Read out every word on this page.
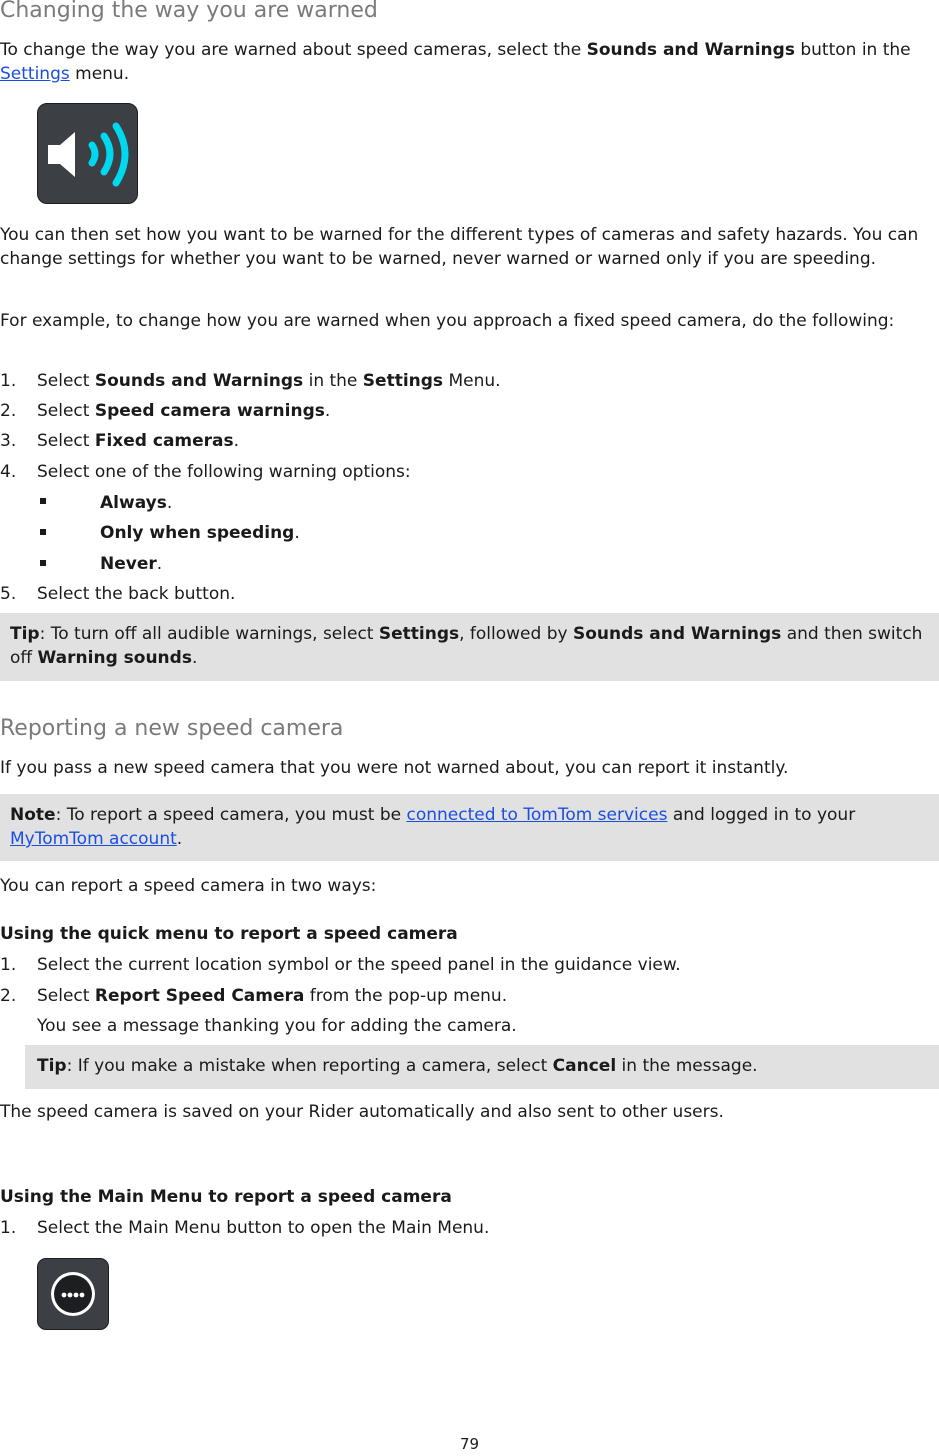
Changing the way you are warned

To change the way you are warned about speed cameras, select the Sounds and Warnings button in the Settings menu.

You can then set how you want to be warned for the different types of cameras and safety hazards. You can change settings for whether you want to be warned, never warned or warned only if you are speeding.

For example, to change how you are warned when you approach a fixed speed camera, do the following:

1. Select Sounds and Warnings in the Settings Menu.
2. Select Speed camera warnings.
3. Select Fixed cameras.
4. Select one of the following warning options:
Always.
Only when speeding.
Never.
5. Select the back button.

Tip: To turn off all audible warnings, select Settings, followed by Sounds and Warnings and then switch off Warning sounds.

Reporting a new speed camera

If you pass a new speed camera that you were not warned about, you can report it instantly.

Note: To report a speed camera, you must be connected to TomTom services and logged in to your MyTomTom account.

You can report a speed camera in two ways:

Using the quick menu to report a speed camera

1. Select the current location symbol or the speed panel in the guidance view.
2. Select Report Speed Camera from the pop-up menu.

You see a message thanking you for adding the camera.

Tip: If you make a mistake when reporting a camera, select Cancel in the message.

The speed camera is saved on your Rider automatically and also sent to other users.

Using the Main Menu to report a speed camera

1. Select the Main Menu button to open the Main Menu.
79
